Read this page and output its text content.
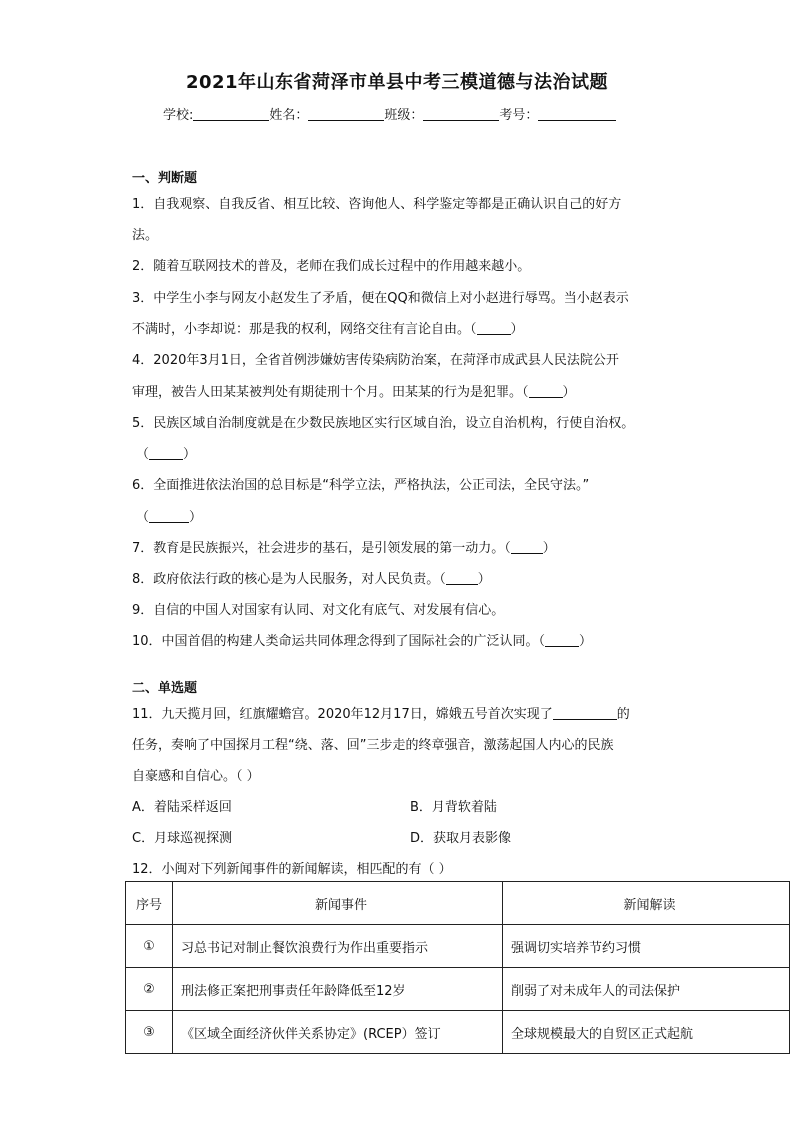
2021年山东省菏泽市单县中考三模道德与法治试题
学校:	姓名：	班级：	考号：
一、判断题
1．自我观察、自我反省、相互比较、咨询他人、科学鉴定等都是正确认识自己的好方
法。
2．随着互联网技术的普及，老师在我们成长过程中的作用越来越小。
3．中学生小李与网友小赵发生了矛盾，便在QQ和微信上对小赵进行辱骂。当小赵表示
不满时，小李却说：那是我的权利，网络交往有言论自由。（	）
4．2020年3月1日，全省首例涉嫌妨害传染病防治案，在菏泽市成武县人民法院公开
审理，被告人田某某被判处有期徒刑十个月。田某某的行为是犯罪。（	）
5．民族区域自治制度就是在少数民族地区实行区域自治，设立自治机构，行使自治权。
（	）
6．全面推进依法治国的总目标是“科学立法，严格执法，公正司法，全民守法。”
（	）
7．教育是民族振兴，社会进步的基石，是引领发展的第一动力。（ ）
8．政府依法行政的核心是为人民服务，对人民负责。（ ）
9．自信的中国人对国家有认同、对文化有底气、对发展有信心。
10．中国首倡的构建人类命运共同体理念得到了国际社会的广泛认同。（	）
二、单选题
11．九天揽月回，红旗耀蟾宫。2020年12月17日，嫦娥五号首次实现了	的
任务，奏响了中国探月工程“绕、落、回”三步走的终章强音，激荡起国人内心的民族
自豪感和自信心。（ ）
A．着陆采样返回	B．月背软着陆
C．月球巡视探测	D．获取月表影像
12．小闽对下列新闻事件的新闻解读，相匹配的有（ ）
序号	新闻事件	新闻解读
①	习总书记对制止餐饮浪费行为作出重要指示	强调切实培养节约习惯
②	刑法修正案把刑事责任年龄降低至12岁	削弱了对未成年人的司法保护
③	《区域全面经济伙伴关系协定》(RCEP）签订	全球规模最大的自贸区正式起航
